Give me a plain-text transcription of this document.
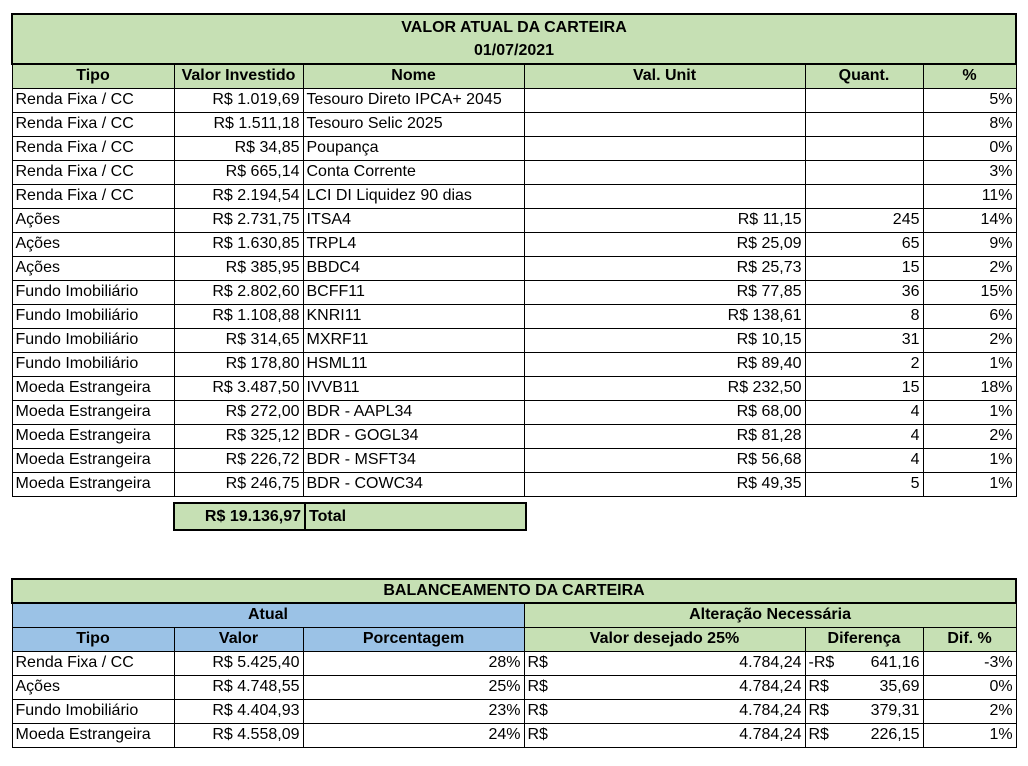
VALOR ATUAL DA CARTEIRA
01/07/2021					

Tipo	Valor Investido	Nome	Val. Unit	Quant.	%
Renda Fixa / CC	R$ 1.019,69	Tesouro Direto IPCA+ 2045			5%
Renda Fixa / CC	R$ 1.511,18	Tesouro Selic 2025			8%
Renda Fixa / CC	R$ 34,85	Poupança			0%
Renda Fixa / CC	R$ 665,14	Conta Corrente			3%
Renda Fixa / CC	R$ 2.194,54	LCI DI Liquidez 90 dias			11%
Ações	R$ 2.731,75	ITSA4	R$ 11,15	245	14%
Ações	R$ 1.630,85	TRPL4	R$ 25,09	65	9%
Ações	R$ 385,95	BBDC4	R$ 25,73	15	2%
Fundo Imobiliário	R$ 2.802,60	BCFF11	R$ 77,85	36	15%
Fundo Imobiliário	R$ 1.108,88	KNRI11	R$ 138,61	8	6%
Fundo Imobiliário	R$ 314,65	MXRF11	R$ 10,15	31	2%
Fundo Imobiliário	R$ 178,80	HSML11	R$ 89,40	2	1%
Moeda Estrangeira	R$ 3.487,50	IVVB11	R$ 232,50	15	18%
Moeda Estrangeira	R$ 272,00	BDR - AAPL34	R$ 68,00	4	1%
Moeda Estrangeira	R$ 325,12	BDR - GOGL34	R$ 81,28	4	2%
Moeda Estrangeira	R$ 226,72	BDR - MSFT34	R$ 56,68	4	1%
Moeda Estrangeira	R$ 246,75	BDR - COWC34	R$ 49,35	5	1%
R$ 19.136,97	Total
BALANCEAMENTO DA CARTEIRA					
Atual			Alteração Necessária		
Tipo	Valor	Porcentagem	Valor desejado 25%	Diferença	Dif. %
Renda Fixa / CC	R$ 5.425,40	28%	R$ 4.784,24	-R$ 641,16	-3%
Ações	R$ 4.748,55	25%	R$ 4.784,24	R$ 35,69	0%
Fundo Imobiliário	R$ 4.404,93	23%	R$ 4.784,24	R$ 379,31	2%
Moeda Estrangeira	R$ 4.558,09	24%	R$ 4.784,24	R$ 226,15	1%
